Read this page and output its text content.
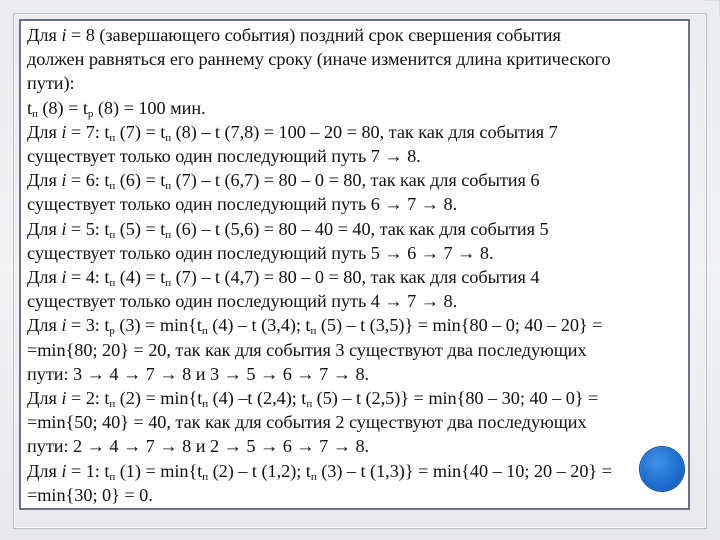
Для i = 8 (завершающего события) поздний срок свершения события
должен равняться его раннему сроку (иначе изменится длина критического
пути):
$t_п$ $(8) = t_р$ (8) = 100 мин.
Для i = 7: $t_п$ $(7) = t_п$ (8) – t (7,8) = 100 – 20 = 80, так как для события 7
существует только один последующий путь 7 → 8.
Для i = 6: $t_п$ $(6) = t_п$ (7) – t (6,7) = 80 – 0 = 80, так как для события 6
существует только один последующий путь 6 → 7 → 8.
Для i = 5: $t_п$ $(5) = t_п$ (6) – t (5,6) = 80 – 40 = 40, так как для события 5
существует только один последующий путь 5 → 6 → 7 → 8.
Для i = 4: $t_п$ $(4) = t_п$ (7) – t (4,7) = 80 – 0 = 80, так как для события 4
существует только один последующий путь 4 → 7 → 8.
Для i = 3: $t_р$ $(3) = \min\{t_п$ (4) – t (3,4); $t_п$ (5) – t (3,5)} = min{80 – 0; 40 – 20} =
=min{80; 20} = 20, так как для события 3 существуют два последующих
пути: 3 → 4 → 7 → 8 и 3 → 5 → 6 → 7 → 8.
Для i = 2: $t_п$ $(2) = \min\{t_п$ (4) –t (2,4); $t_п$ (5) – t (2,5)} = min{80 – 30; 40 – 0} =
=min{50; 40} = 40, так как для события 2 существуют два последующих
пути: 2 → 4 → 7 → 8 и 2 → 5 → 6 → 7 → 8.
Для i = 1: $t_п$ $(1) = \min\{t_п$ (2) – t (1,2); $t_п$ (3) – t (1,3)} = min{40 – 10; 20 – 20} =
=min{30; 0} = 0.
